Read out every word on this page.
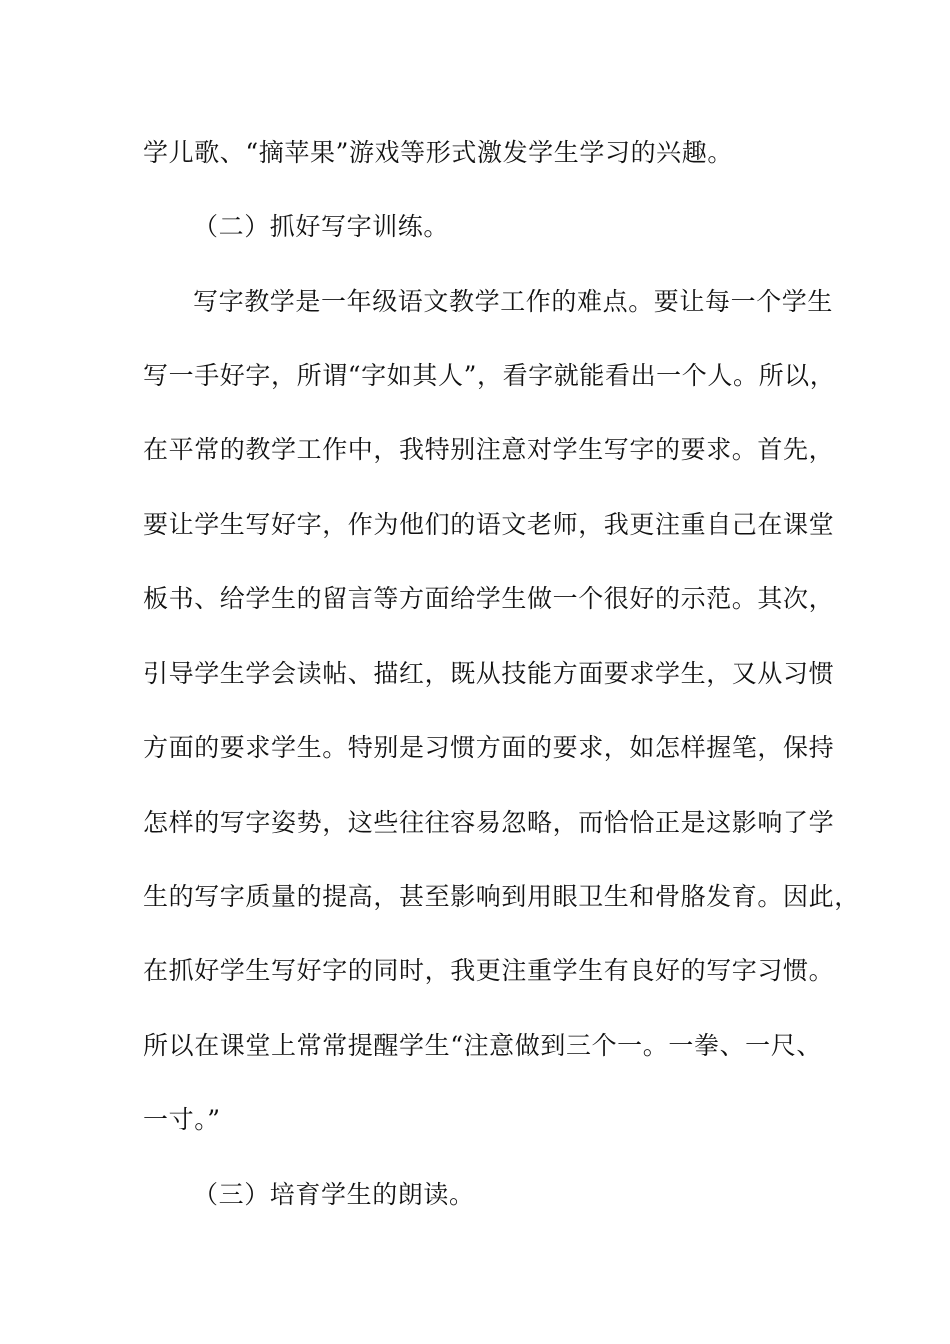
学儿歌、“摘苹果”游戏等形式激发学生学习的兴趣。
（二）抓好写字训练。
写字教学是一年级语文教学工作的难点。要让每一个学生
写一手好字，所谓“字如其人”，看字就能看出一个人。所以，
在平常的教学工作中，我特别注意对学生写字的要求。首先，
要让学生写好字，作为他们的语文老师，我更注重自己在课堂
板书、给学生的留言等方面给学生做一个很好的示范。其次，
引导学生学会读帖、描红，既从技能方面要求学生，又从习惯
方面的要求学生。特别是习惯方面的要求，如怎样握笔，保持
怎样的写字姿势，这些往往容易忽略，而恰恰正是这影响了学
生的写字质量的提高，甚至影响到用眼卫生和骨胳发育。因此，
在抓好学生写好字的同时，我更注重学生有良好的写字习惯。
所以在课堂上常常提醒学生“注意做到三个一。一拳、一尺、
一寸。”
（三）培育学生的朗读。
